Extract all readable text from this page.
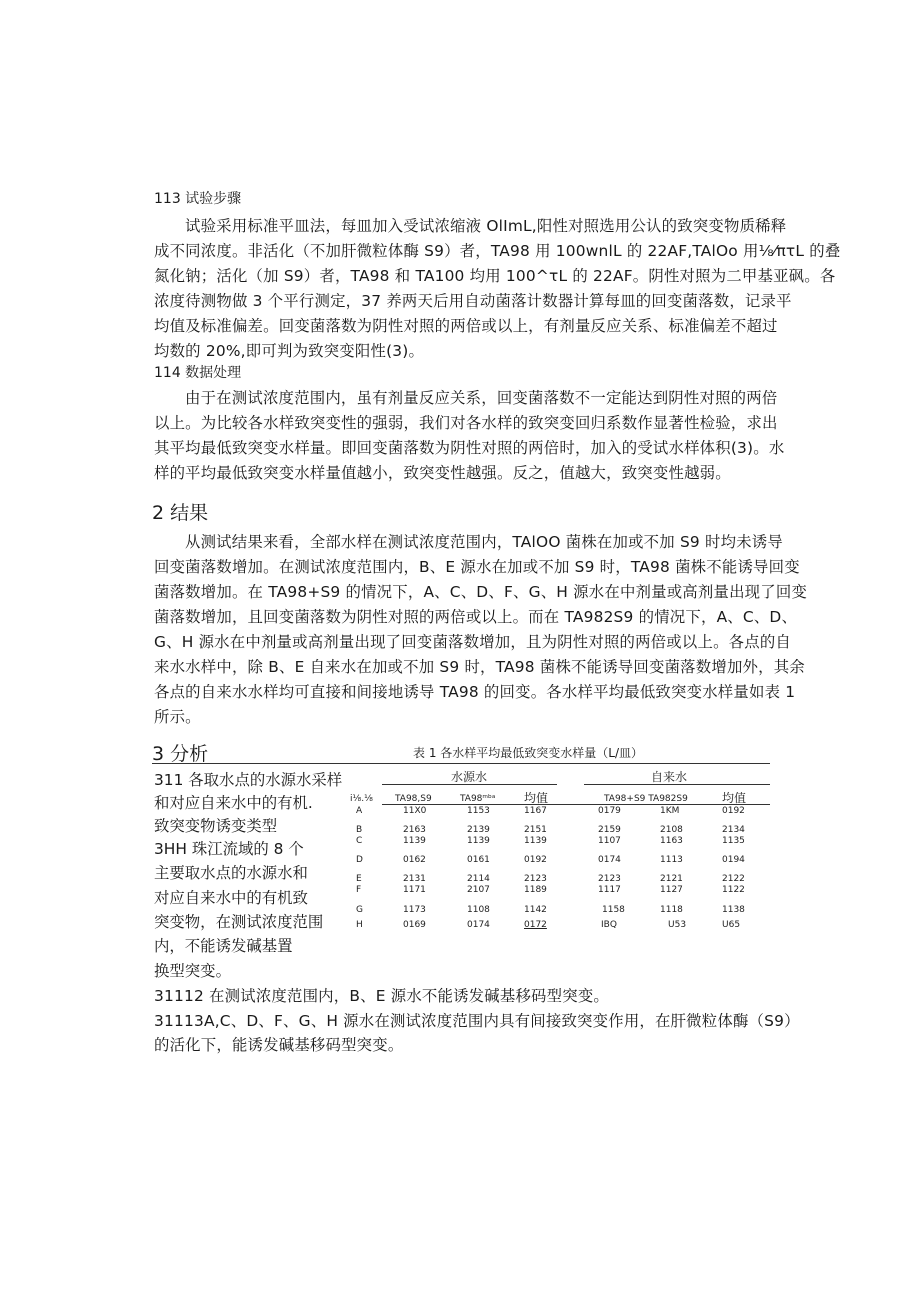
113 试验步骤
试验采用标准平皿法，每皿加入受试浓缩液 OlImL,阳性对照选用公认的致突变物质稀释
成不同浓度。非活化（不加肝微粒体酶 S9）者，TA98 用 100wnlL 的 22AF,TAlOo 用⅛⁄πτL 的叠
氮化钠；活化（加 S9）者，TA98 和 TA100 均用 100^τL 的 22AF。阴性对照为二甲基亚砜。各
浓度待测物做 3 个平行测定，37 养两天后用自动菌落计数器计算每皿的回变菌落数，记录平
均值及标准偏差。回变菌落数为阴性对照的两倍或以上，有剂量反应关系、标准偏差不超过
均数的 20%,即可判为致突变阳性(3)。
114 数据处理
由于在测试浓度范围内，虽有剂量反应关系，回变菌落数不一定能达到阴性对照的两倍
以上。为比较各水样致突变性的强弱，我们对各水样的致突变回归系数作显著性检验，求出
其平均最低致突变水样量。即回变菌落数为阴性对照的两倍时，加入的受试水样体积(3)。水
样的平均最低致突变水样量值越小，致突变性越强。反之，值越大，致突变性越弱。
2 结果
从测试结果来看，全部水样在测试浓度范围内，TAlOO 菌株在加或不加 S9 时均未诱导
回变菌落数增加。在测试浓度范围内，B、E 源水在加或不加 S9 时，TA98 菌株不能诱导回变
菌落数增加。在 TA98+S9 的情况下，A、C、D、F、G、H 源水在中剂量或高剂量出现了回变
菌落数增加，且回变菌落数为阴性对照的两倍或以上。而在 TA982S9 的情况下，A、C、D、
G、H 源水在中剂量或高剂量出现了回变菌落数增加，且为阴性对照的两倍或以上。各点的自
来水水样中，除 B、E 自来水在加或不加 S9 时，TA98 菌株不能诱导回变菌落数增加外，其余
各点的自来水水样均可直接和间接地诱导 TA98 的回变。各水样平均最低致突变水样量如表 1
所示。
3 分析	表 1 各水样平均最低致突变水样量（L/皿）
311 各取水点的水源水采样
和对应自来水中的有机.
致突变物诱变类型
3HH 珠江流域的 8 个
主要取水点的水源水和
对应自来水中的有机致
突变物，在测试浓度范围
内，不能诱发碱基置
换型突变。
水源水	自来水
i⅛.⅛ TA98,S9	TA98ᵐᵇᵃ 均值	TA98+S9 TA982S9	均值
A	11X0	1153	1167	0179	1KM	0192
B	2163	2139	2151	2159	2108	2134
C	1139	1139	1139	1107	1163	1135
D	0162	0161	0192	0174	1113	0194
E	2131	2114	2123	2123	2121	2122
F	1171	2107	1189	1117	1127	1122
G	1173	1108	1142	1158	1118	1138
H	0169	0174	0172	IBQ	U53	U65
31112 在测试浓度范围内，B、E 源水不能诱发碱基移码型突变。
31113A,C、D、F、G、H 源水在测试浓度范围内具有间接致突变作用，在肝微粒体酶（S9）
的活化下，能诱发碱基移码型突变。
